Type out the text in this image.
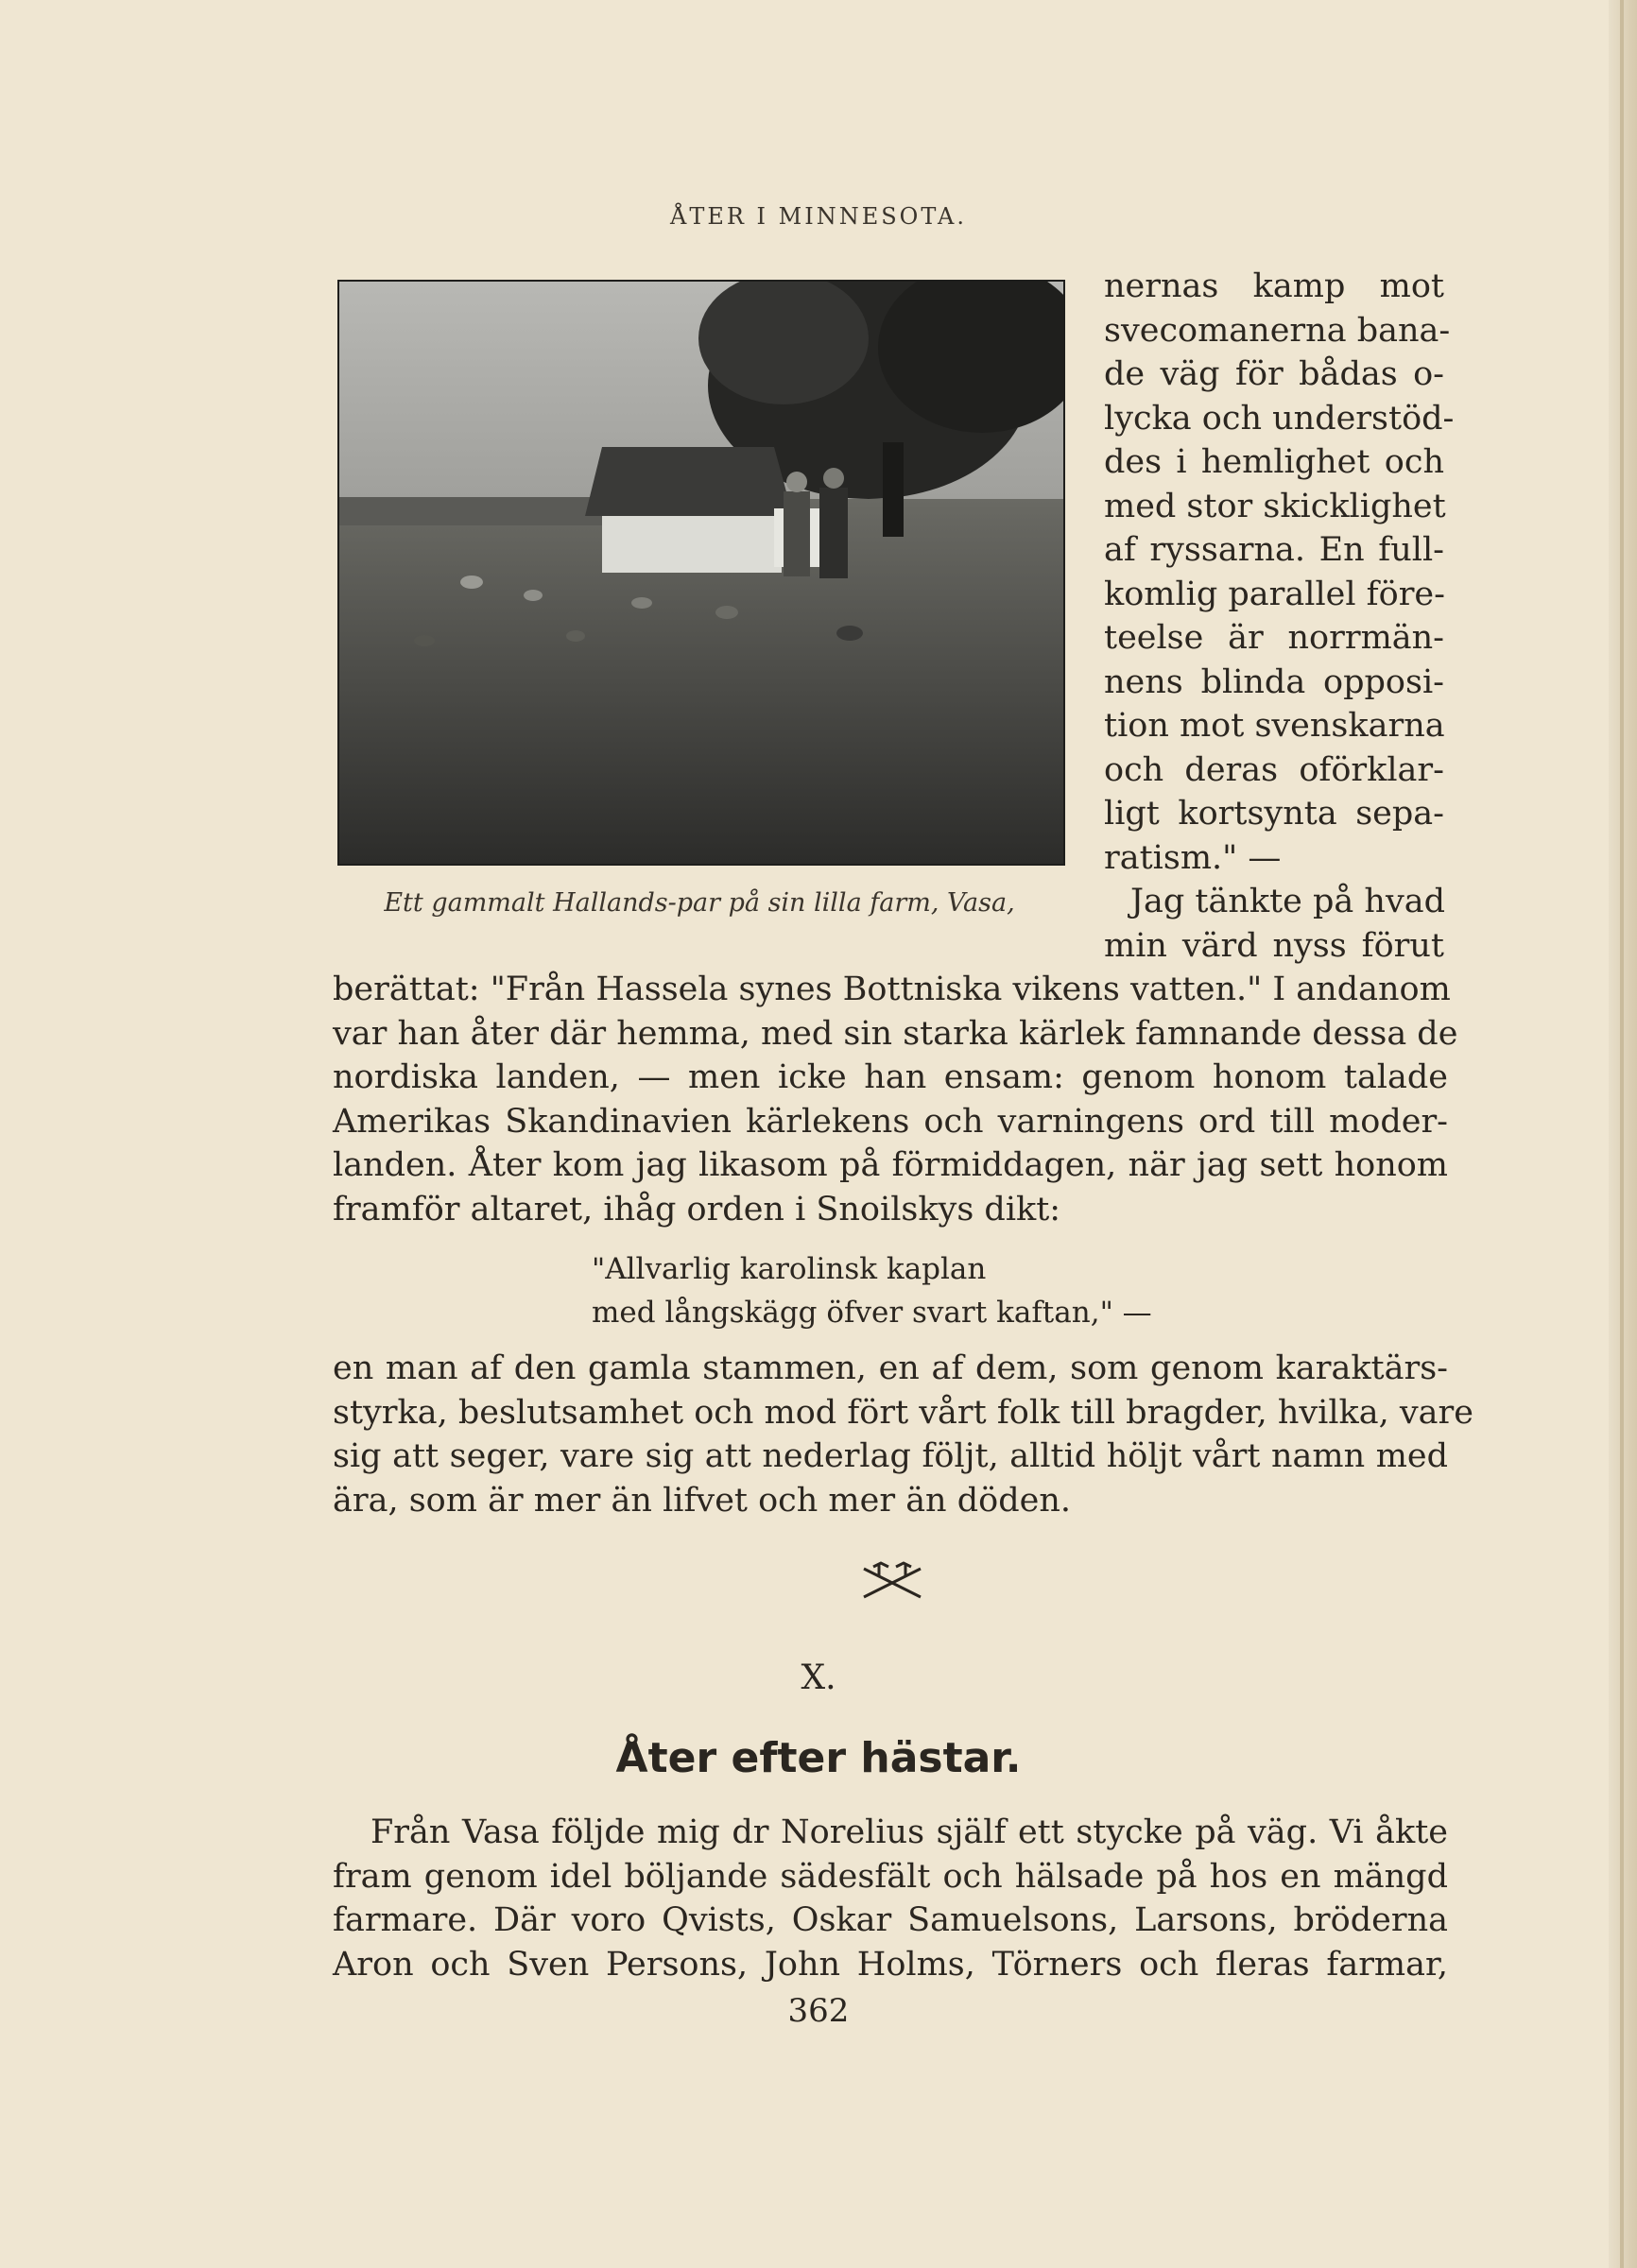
ÅTER I MINNESOTA.
Ett gammalt Hallands-par på sin lilla farm, Vasa,
nernas kamp mot
svecomanerna bana-
de väg för bådas o-
lycka och understöd-
des i hemlighet och
med stor skicklighet
af ryssarna. En full-
komlig parallel före-
teelse är norrmän-
nens blinda opposi-
tion mot svenskarna
och deras oförklar-
ligt kortsynta sepa-
ratism." —
Jag tänkte på hvad
min värd nyss förut
berättat: "Från Hassela synes Bottniska vikens vatten." I andanom
var han åter där hemma, med sin starka kärlek famnande dessa de
nordiska landen, — men icke han ensam: genom honom talade
Amerikas Skandinavien kärlekens och varningens ord till moder-
landen. Åter kom jag likasom på förmiddagen, när jag sett honom
framför altaret, ihåg orden i Snoilskys dikt:
"Allvarlig karolinsk kaplan
med långskägg öfver svart kaftan," —
en man af den gamla stammen, en af dem, som genom karaktärs-
styrka, beslutsamhet och mod fört vårt folk till bragder, hvilka, vare
sig att seger, vare sig att nederlag följt, alltid höljt vårt namn med
ära, som är mer än lifvet och mer än döden.
X.
Åter efter hästar.
Från Vasa följde mig dr Norelius själf ett stycke på väg. Vi åkte
fram genom idel böljande sädesfält och hälsade på hos en mängd
farmare. Där voro Qvists, Oskar Samuelsons, Larsons, bröderna
Aron och Sven Persons, John Holms, Törners och fleras farmar,
362
